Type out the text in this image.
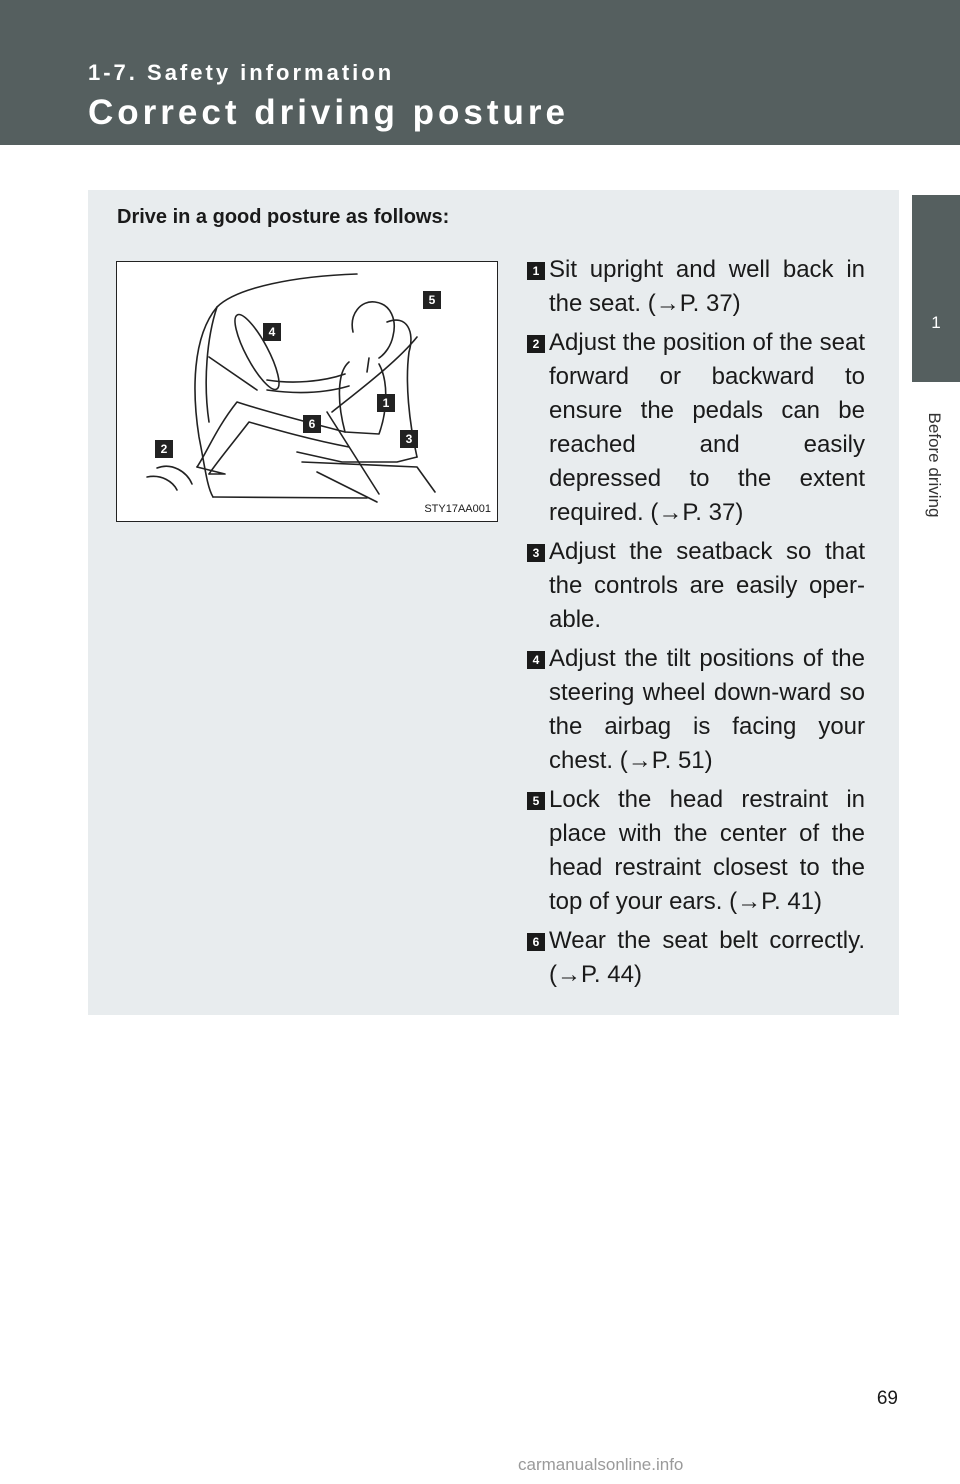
1-7. Safety information
Correct driving posture
1
Before driving
Drive in a good posture as follows:
1
2
3
4
5
6
STY17AA001
1 Sit upright and well back in the seat. (→P. 37)
2 Adjust the position of the seat forward or backward to ensure the pedals can be reached and easily depressed to the extent required. (→P. 37)
3 Adjust the seatback so that the controls are easily oper-able.
4 Adjust the tilt positions of the steering wheel down-ward so the airbag is facing your chest. (→P. 51)
5 Lock the head restraint in place with the center of the head restraint closest to the top of your ears. (→P. 41)
6 Wear the seat belt correctly. (→P. 44)
69
carmanualsonline.info
